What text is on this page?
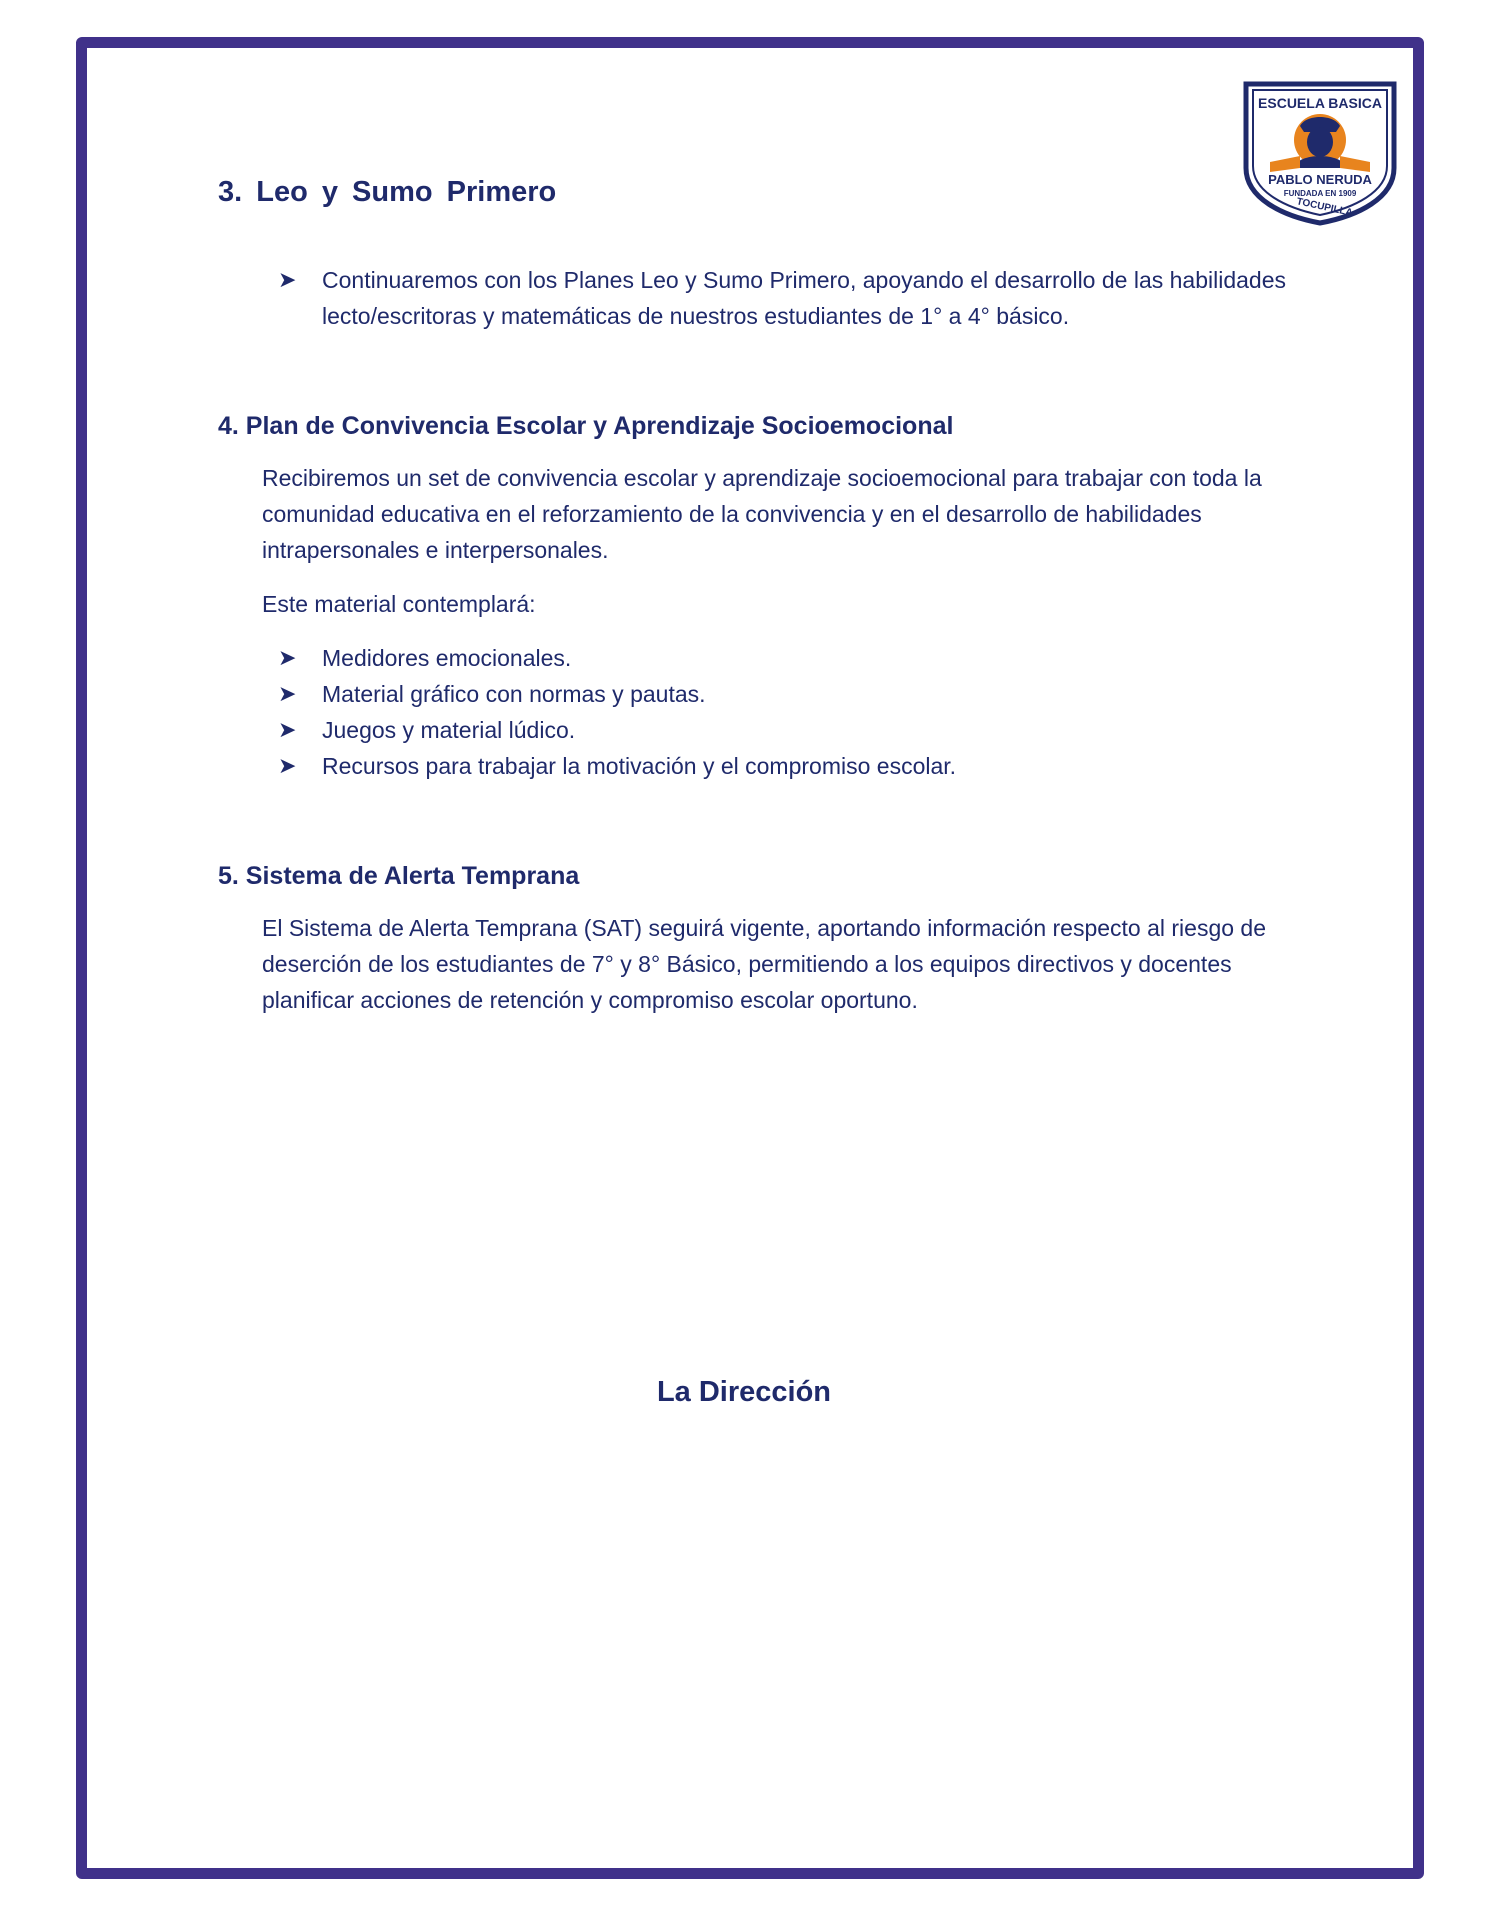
ESCUELA BASICA
PABLO NERUDA
FUNDADA EN 1909
TOCUPILLA
3. Leo y Sumo Primero
➤ Continuaremos con los Planes Leo y Sumo Primero, apoyando el desarrollo de las habilidades lecto/escritoras y matemáticas de nuestros estudiantes de 1° a 4° básico.
4. Plan de Convivencia Escolar y Aprendizaje Socioemocional
Recibiremos un set de convivencia escolar y aprendizaje socioemocional para trabajar con toda la comunidad educativa en el reforzamiento de la convivencia y en el desarrollo de habilidades intrapersonales e interpersonales.
Este material contemplará:
➤ Medidores emocionales.
➤ Material gráfico con normas y pautas.
➤ Juegos y material lúdico.
➤ Recursos para trabajar la motivación y el compromiso escolar.
5. Sistema de Alerta Temprana
El Sistema de Alerta Temprana (SAT) seguirá vigente, aportando información respecto al riesgo de deserción de los estudiantes de 7° y 8° Básico, permitiendo a los equipos directivos y docentes planificar acciones de retención y compromiso escolar oportuno.
La Dirección
